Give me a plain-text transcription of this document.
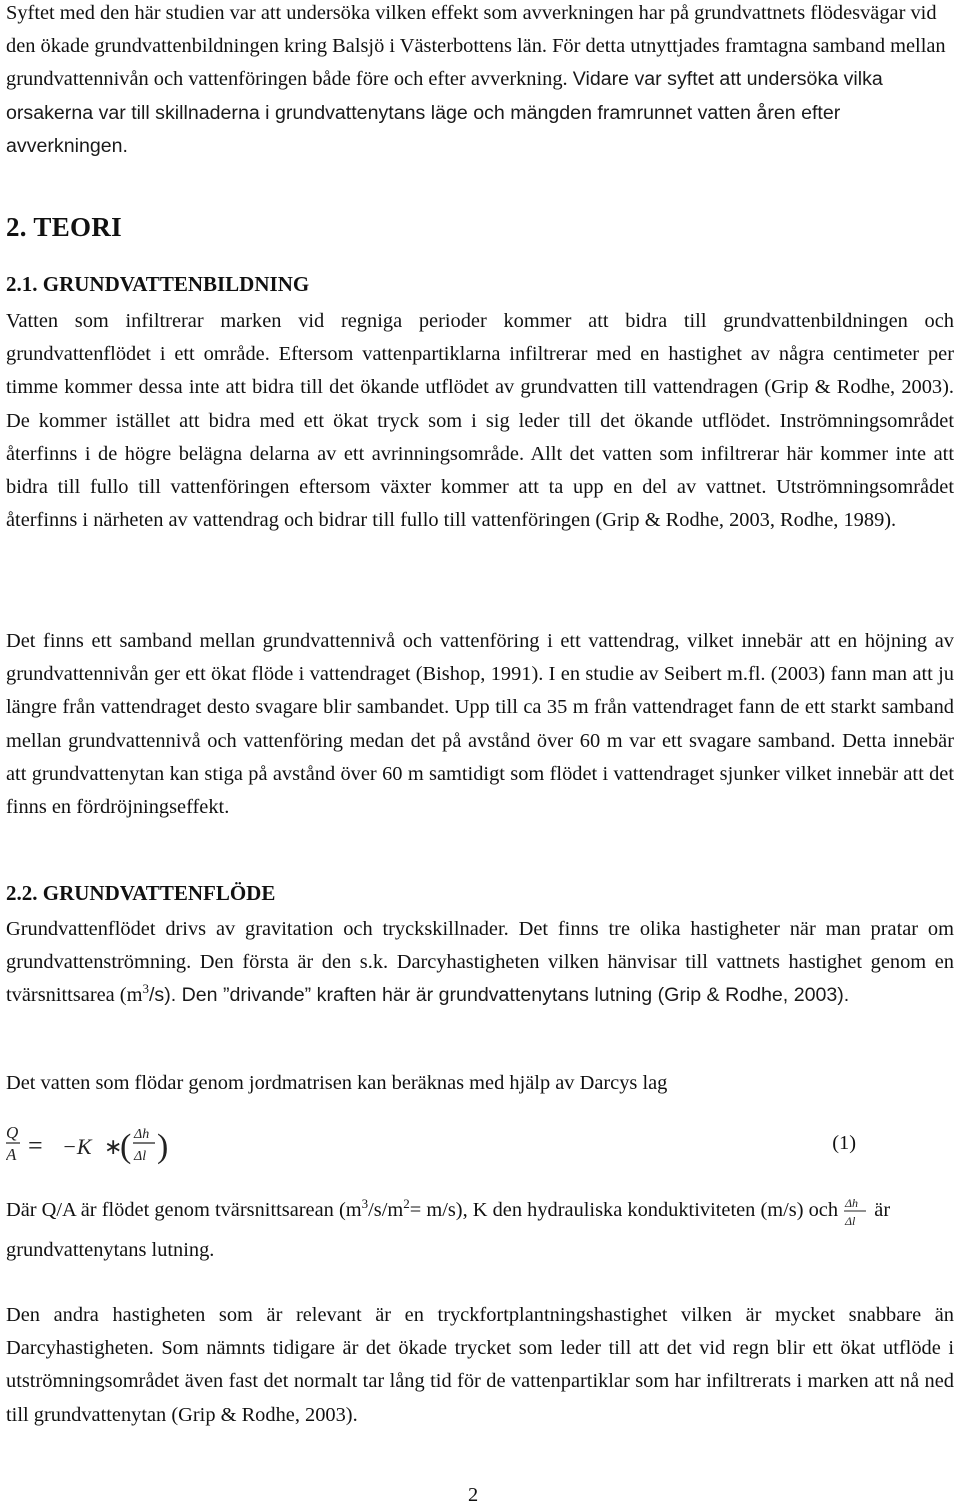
Syftet med den här studien var att undersöka vilken effekt som avverkningen har på grundvattnets flödesvägar vid den ökade grundvattenbildningen kring Balsjö i Västerbottens län. För detta utnyttjades framtagna samband mellan grundvattennivån och vattenföringen både före och efter avverkning. Vidare var syftet att undersöka vilka orsakerna var till skillnaderna i grundvattenytans läge och mängden framrunnet vatten åren efter avverkningen.

2. TEORI
2.1. GRUNDVATTENBILDNING

Vatten som infiltrerar marken vid regniga perioder kommer att bidra till grundvattenbildningen och grundvattenflödet i ett område. Eftersom vattenpartiklarna infiltrerar med en hastighet av några centimeter per timme kommer dessa inte att bidra till det ökande utflödet av grundvatten till vattendragen (Grip & Rodhe, 2003). De kommer istället att bidra med ett ökat tryck som i sig leder till det ökande utflödet. Inströmningsområdet återfinns i de högre belägna delarna av ett avrinningsområde. Allt det vatten som infiltrerar här kommer inte att bidra till fullo till vattenföringen eftersom växter kommer att ta upp en del av vattnet. Utströmningsområdet återfinns i närheten av vattendrag och bidrar till fullo till vattenföringen (Grip & Rodhe, 2003, Rodhe, 1989).

Det finns ett samband mellan grundvattennivå och vattenföring i ett vattendrag, vilket innebär att en höjning av grundvattennivån ger ett ökat flöde i vattendraget (Bishop, 1991). I en studie av Seibert m.fl. (2003) fann man att ju längre från vattendraget desto svagare blir sambandet. Upp till ca 35 m från vattendraget fann de ett starkt samband mellan grundvattennivå och vattenföring medan det på avstånd över 60 m var ett svagare samband. Detta innebär att grundvattenytan kan stiga på avstånd över 60 m samtidigt som flödet i vattendraget sjunker vilket innebär att det finns en fördröjningseffekt.

2.2. GRUNDVATTENFLÖDE

Grundvattenflödet drivs av gravitation och tryckskillnader. Det finns tre olika hastigheter när man pratar om grundvattenströmning. Den första är den s.k. Darcyhastigheten vilken hänvisar till vattnets hastighet genom en tvärsnittsarea $(m^3/s)$. Den ”drivande” kraften här är grundvattenytans lutning (Grip & Rodhe, 2003).

Det vatten som flödar genom jordmatrisen kan beräknas med hjälp av Darcys lag

Q
A = −K ∗
( Δh
Δl )	(1)

Där Q/A är flödet genom tvärsnittsarean $(m^3/s/m^2= m/s)$, K den hydrauliska konduktiviteten (m/s) och Δh
Δl är grundvattenytans lutning.

Den andra hastigheten som är relevant är en tryckfortplantningshastighet vilken är mycket snabbare än Darcyhastigheten. Som nämnts tidigare är det ökade trycket som leder till att det vid regn blir ett ökat utflöde i utströmningsområdet även fast det normalt tar lång tid för de vattenpartiklar som har infiltrerats i marken att nå ned till grundvattenytan (Grip & Rodhe, 2003).

2
